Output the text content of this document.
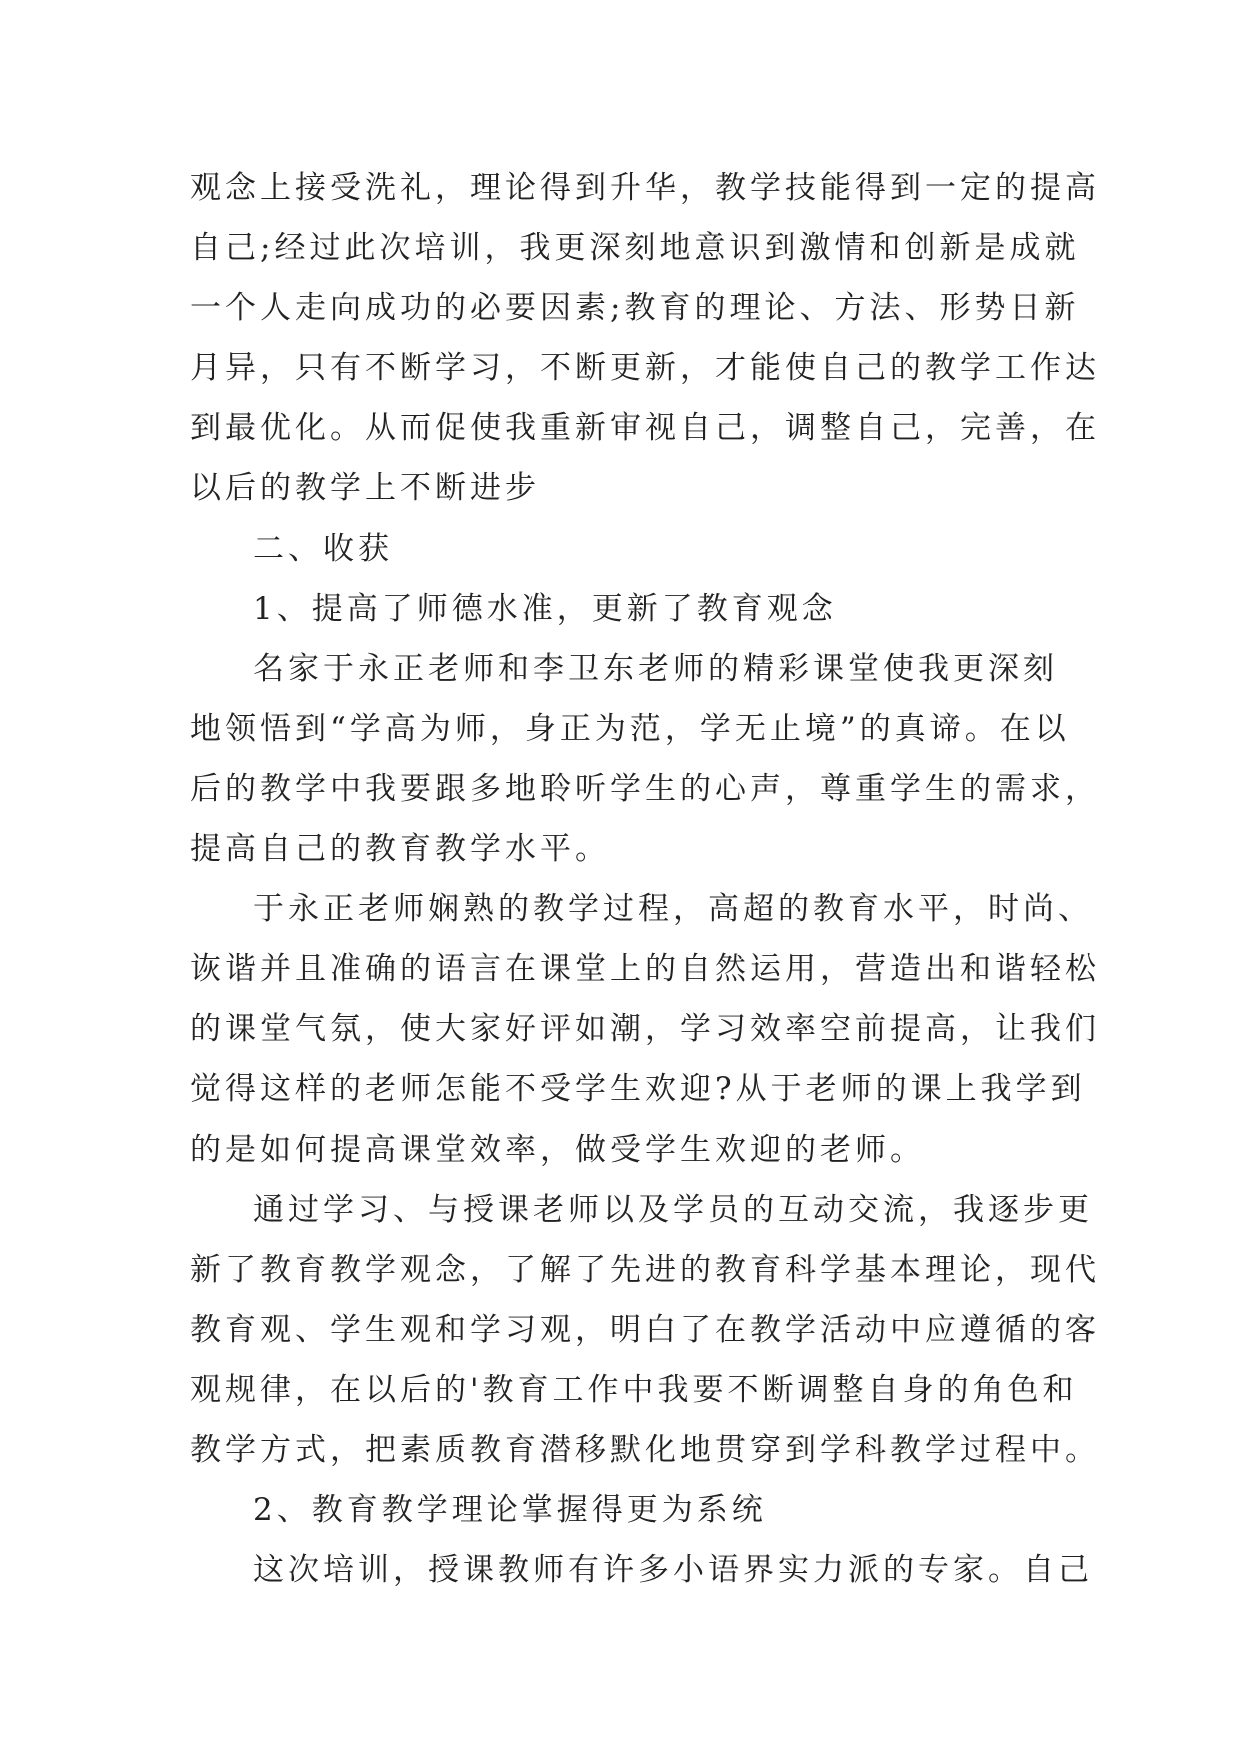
观念上接受洗礼，理论得到升华，教学技能得到一定的提高
自己;经过此次培训，我更深刻地意识到激情和创新是成就
一个人走向成功的必要因素;教育的理论、方法、形势日新
月异，只有不断学习，不断更新，才能使自己的教学工作达
到最优化。从而促使我重新审视自己，调整自己，完善，在
以后的教学上不断进步
二、收获
1、提高了师德水准，更新了教育观念
名家于永正老师和李卫东老师的精彩课堂使我更深刻
地领悟到“学高为师，身正为范，学无止境”的真谛。在以
后的教学中我要跟多地聆听学生的心声，尊重学生的需求，
提高自己的教育教学水平。
于永正老师娴熟的教学过程，高超的教育水平，时尚、
诙谐并且准确的语言在课堂上的自然运用，营造出和谐轻松
的课堂气氛，使大家好评如潮，学习效率空前提高，让我们
觉得这样的老师怎能不受学生欢迎?从于老师的课上我学到
的是如何提高课堂效率，做受学生欢迎的老师。
通过学习、与授课老师以及学员的互动交流，我逐步更
新了教育教学观念，了解了先进的教育科学基本理论，现代
教育观、学生观和学习观，明白了在教学活动中应遵循的客
观规律，在以后的'教育工作中我要不断调整自身的角色和
教学方式，把素质教育潜移默化地贯穿到学科教学过程中。
2、教育教学理论掌握得更为系统
这次培训，授课教师有许多小语界实力派的专家。自己
